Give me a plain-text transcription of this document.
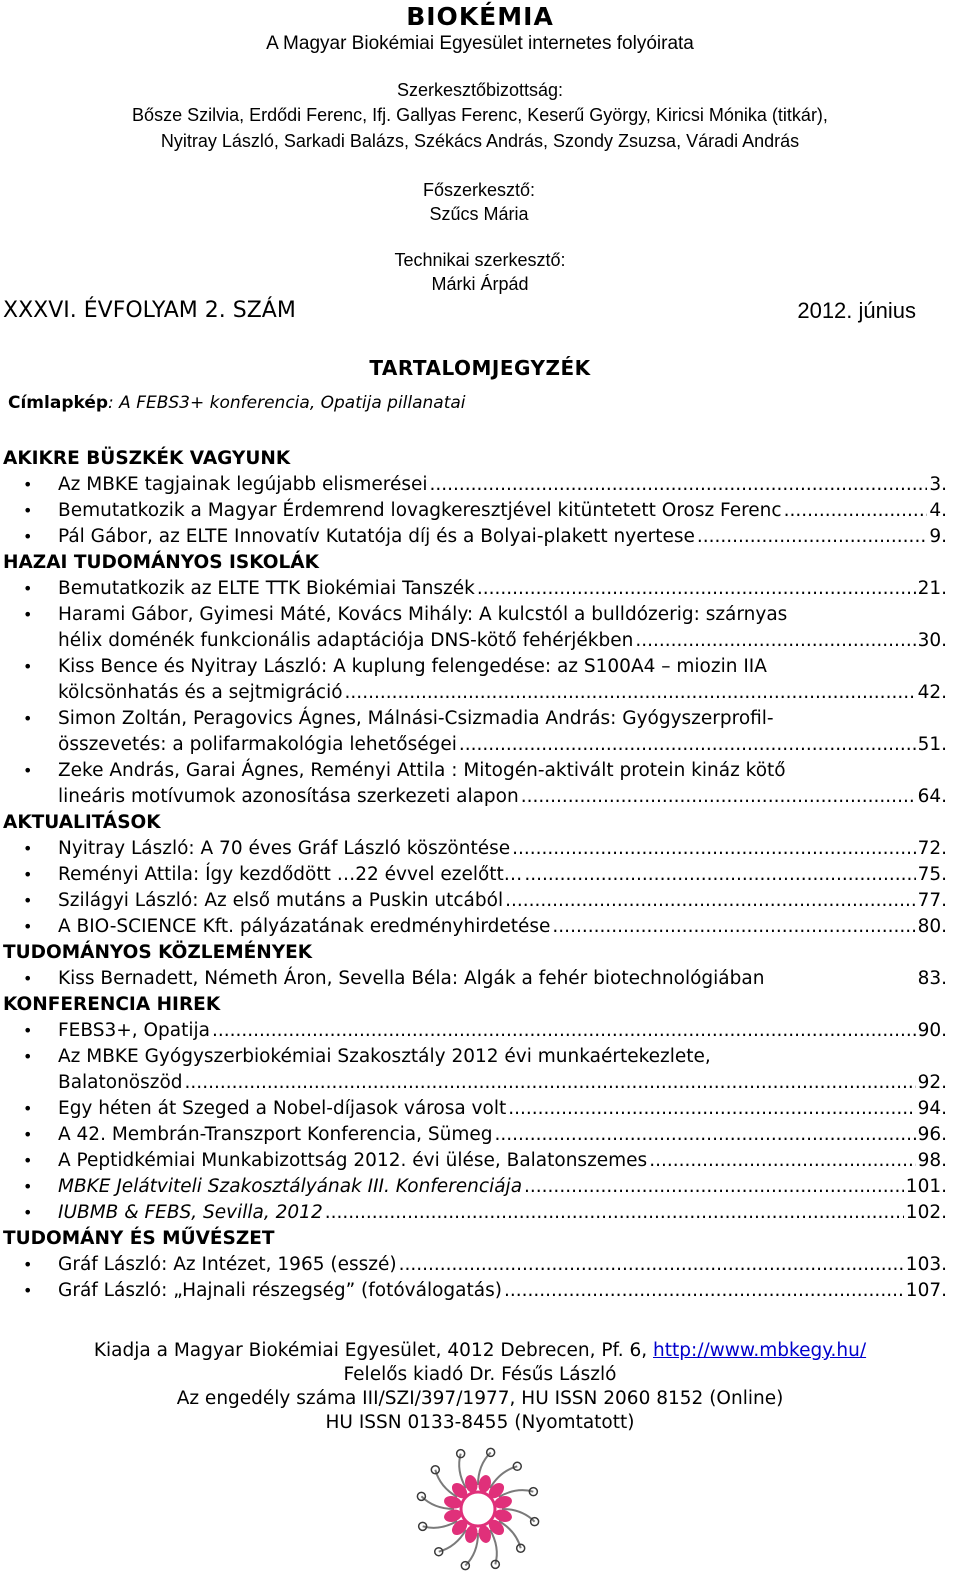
BIOKÉMIA
A Magyar Biokémiai Egyesület internetes folyóirata
Szerkesztőbizottság:
Bősze Szilvia, Erdődi Ferenc, Ifj. Gallyas Ferenc, Keserű György, Kiricsi Mónika (titkár),
Nyitray László, Sarkadi Balázs, Székács András, Szondy Zsuzsa, Váradi András
Főszerkesztő:
Szűcs Mária
Technikai szerkesztő:
Márki Árpád
XXXVI. ÉVFOLYAM 2. SZÁM	2012. június
TARTALOMJEGYZÉK
Címlapkép: A FEBS3+ konferencia, Opatija pillanatai
AKIKRE BÜSZKÉK VAGYUNK
• Az MBKE tagjainak legújabb elismerései .....	3.
• Bemutatkozik a Magyar Érdemrend lovagkeresztjével kitüntetett Orosz Ferenc .....	4.
• Pál Gábor, az ELTE Innovatív Kutatója díj és a Bolyai-plakett nyertese .....	9.
HAZAI TUDOMÁNYOS ISKOLÁK
• Bemutatkozik az ELTE TTK Biokémiai Tanszék .....	21.
• Harami Gábor, Gyimesi Máté, Kovács Mihály: A kulcstól a bulldózerig: szárnyas
hélix doménék funkcionális adaptációja DNS-kötő fehérjékben .....	30.
• Kiss Bence és Nyitray László: A kuplung felengedése: az S100A4 – miozin IIA
kölcsönhatás és a sejtmigráció .....	42.
• Simon Zoltán, Peragovics Ágnes, Málnási-Csizmadia András: Gyógyszerprofil-
összevetés: a polifarmakológia lehetőségei .....	51.
• Zeke András, Garai Ágnes, Reményi Attila : Mitogén-aktivált protein kináz kötő
lineáris motívumok azonosítása szerkezeti alapon .....	64.
AKTUALITÁSOK
• Nyitray László: A 70 éves Gráf László köszöntése .....	72.
• Reményi Attila: Így kezdődött …22 évvel ezelőtt… .....	75.
• Szilágyi László: Az első mutáns a Puskin utcából .....	77.
• A BIO-SCIENCE Kft. pályázatának eredményhirdetése .....	80.
TUDOMÁNYOS KÖZLEMÉNYEK
• Kiss Bernadett, Németh Áron, Sevella Béla: Algák a fehér biotechnológiában	83.
KONFERENCIA HIREK
• FEBS3+, Opatija .....	90.
• Az MBKE Gyógyszerbiokémiai Szakosztály 2012 évi munkaértekezlete,
Balatonöszöd .....	92.
• Egy héten át Szeged a Nobel-díjasok városa volt .....	94.
• A 42. Membrán-Transzport Konferencia, Sümeg .....	96.
• A Peptidkémiai Munkabizottság 2012. évi ülése, Balatonszemes .....	98.
• MBKE Jelátviteli Szakosztályának III. Konferenciája .....	101.
• IUBMB & FEBS, Sevilla, 2012 .....	102.
TUDOMÁNY ÉS MŰVÉSZET
• Gráf László: Az Intézet, 1965 (esszé) .....	103.
• Gráf László: „Hajnali részegség” (fotóválogatás) .....	107.
Kiadja a Magyar Biokémiai Egyesület, 4012 Debrecen, Pf. 6, http://www.mbkegy.hu/
Felelős kiadó Dr. Fésűs László
Az engedély száma III/SZI/397/1977, HU ISSN 2060 8152 (Online)
HU ISSN 0133-8455 (Nyomtatott)
